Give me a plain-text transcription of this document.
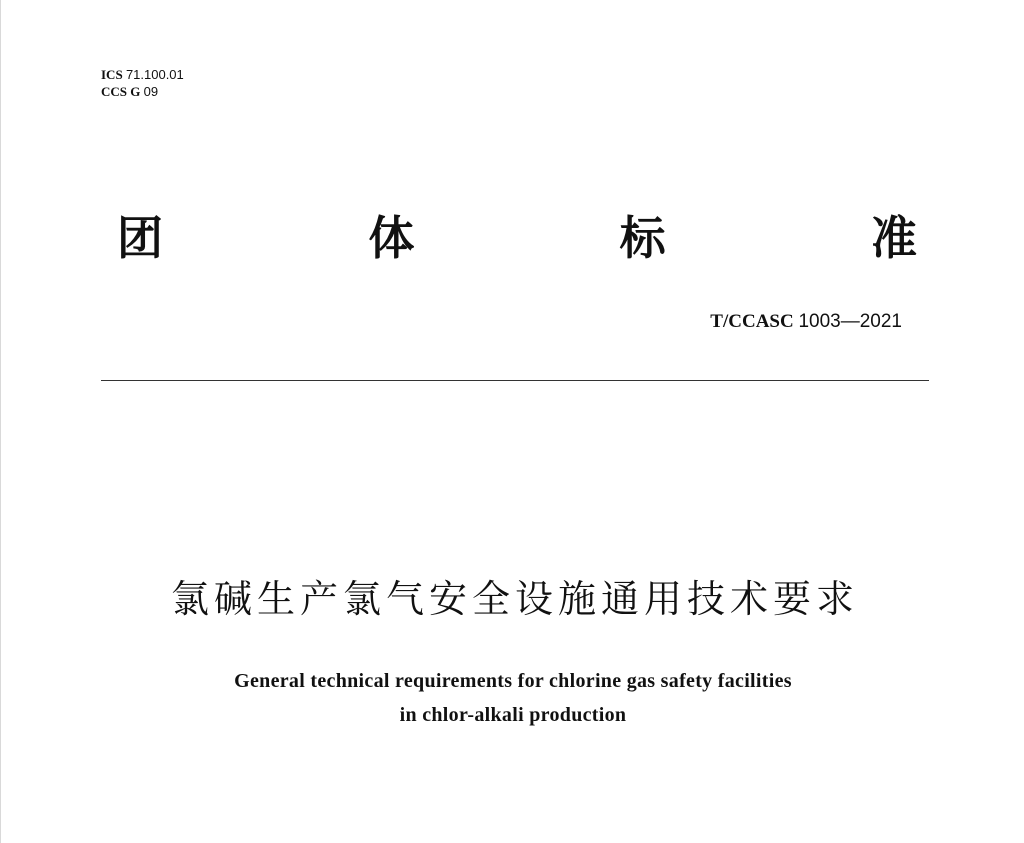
ICS 71.100.01
CCS G 09
团	体	标	准
T/CCASC 1003—2021
氯碱生产氯气安全设施通用技术要求
General technical requirements for chlorine gas safety facilities
in chlor-alkali production
